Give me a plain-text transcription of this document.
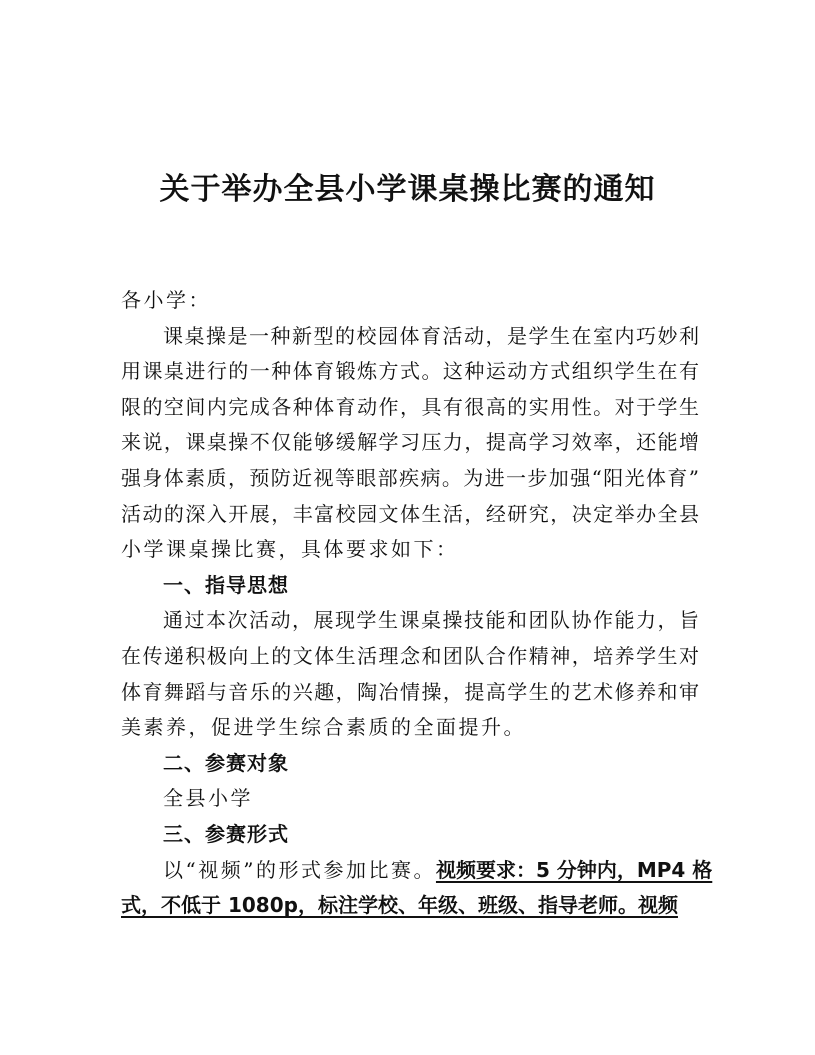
关于举办全县小学课桌操比赛的通知
各小学：
课桌操是一种新型的校园体育活动，是学生在室内巧妙利
用课桌进行的一种体育锻炼方式。这种运动方式组织学生在有
限的空间内完成各种体育动作，具有很高的实用性。对于学生
来说，课桌操不仅能够缓解学习压力，提高学习效率，还能增
强身体素质，预防近视等眼部疾病。为进一步加强“阳光体育”
活动的深入开展，丰富校园文体生活，经研究，决定举办全县
小学课桌操比赛，具体要求如下：
一、指导思想
通过本次活动，展现学生课桌操技能和团队协作能力，旨
在传递积极向上的文体生活理念和团队合作精神，培养学生对
体育舞蹈与音乐的兴趣，陶冶情操，提高学生的艺术修养和审
美素养，促进学生综合素质的全面提升。
二、参赛对象
全县小学
三、参赛形式
以“视频”的形式参加比赛。视频要求：5 分钟内，MP4 格
式，不低于 1080p，标注学校、年级、班级、指导老师。视频
